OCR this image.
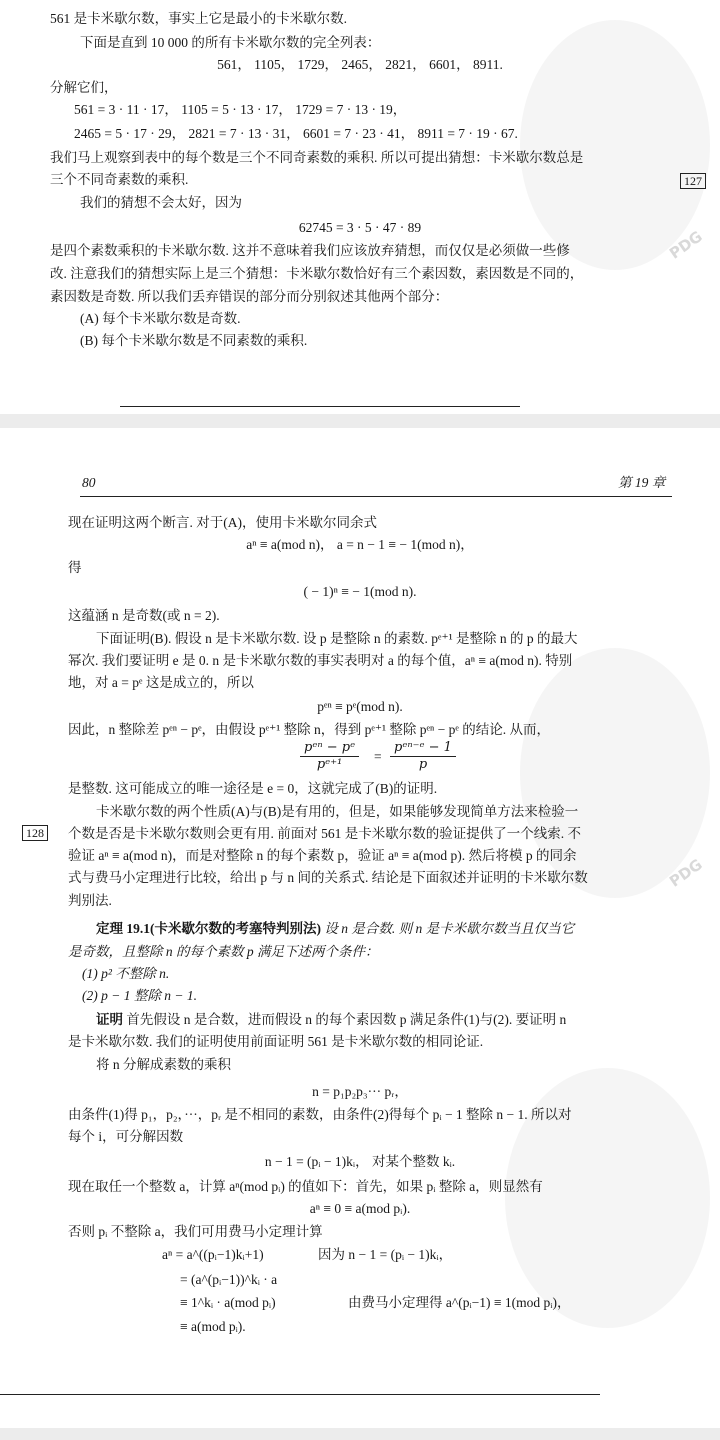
PDG
561 是卡米歇尔数，事实上它是最小的卡米歇尔数.
下面是直到 10 000 的所有卡米歇尔数的完全列表：
561， 1105， 1729， 2465， 2821， 6601， 8911.
分解它们，
561 = 3 · 11 · 17， 1105 = 5 · 13 · 17， 1729 = 7 · 13 · 19，
2465 = 5 · 17 · 29， 2821 = 7 · 13 · 31， 6601 = 7 · 23 · 41， 8911 = 7 · 19 · 67.
我们马上观察到表中的每个数是三个不同奇素数的乘积. 所以可提出猜想：卡米歇尔数总是
三个不同奇素数的乘积.	127
我们的猜想不会太好，因为
62745 = 3 · 5 · 47 · 89
是四个素数乘积的卡米歇尔数. 这并不意味着我们应该放弃猜想，而仅仅是必须做一些修
改. 注意我们的猜想实际上是三个猜想：卡米歇尔数恰好有三个素因数，素因数是不同的，
素因数是奇数. 所以我们丢弃错误的部分而分别叙述其他两个部分：
(A) 每个卡米歇尔数是奇数.
(B) 每个卡米歇尔数是不同素数的乘积.
PDG
80	第 19 章
现在证明这两个断言. 对于(A)，使用卡米歇尔同余式
aⁿ ≡ a(mod n)， a = n − 1 ≡ − 1(mod n)，
得
( − 1)ⁿ ≡ − 1(mod n).
这蕴涵 n 是奇数(或 n = 2).
下面证明(B). 假设 n 是卡米歇尔数. 设 p 是整除 n 的素数. pᵉ⁺¹ 是整除 n 的 p 的最大
幂次. 我们要证明 e 是 0. n 是卡米歇尔数的事实表明对 a 的每个值，aⁿ ≡ a(mod n). 特别
地，对 a = pᵉ 这是成立的，所以
pᵉⁿ ≡ pᵉ(mod n).
因此，n 整除差 pᵉⁿ − pᵉ，由假设 pᵉ⁺¹ 整除 n，得到 pᵉ⁺¹ 整除 pᵉⁿ − pᵉ 的结论. 从而，
pᵉⁿ − pᵉ
pᵉ⁺¹
=
pᵉⁿ⁻ᵉ − 1
p
是整数. 这可能成立的唯一途径是 e = 0，这就完成了(B)的证明.
卡米歇尔数的两个性质(A)与(B)是有用的，但是，如果能够发现简单方法来检验一
128 个数是否是卡米歇尔数则会更有用. 前面对 561 是卡米歇尔数的验证提供了一个线索. 不
验证 aⁿ ≡ a(mod n)，而是对整除 n 的每个素数 p，验证 aⁿ ≡ a(mod p). 然后将模 p 的同余
式与费马小定理进行比较，给出 p 与 n 间的关系式. 结论是下面叙述并证明的卡米歇尔数
判别法.
定理 19.1(卡米歇尔数的考塞特判别法) 设 n 是合数. 则 n 是卡米歇尔数当且仅当它
是奇数，且整除 n 的每个素数 p 满足下述两个条件：
(1) p² 不整除 n.
(2) p − 1 整除 n − 1.
证明 首先假设 n 是合数，进而假设 n 的每个素因数 p 满足条件(1)与(2). 要证明 n
是卡米歇尔数. 我们的证明使用前面证明 561 是卡米歇尔数的相同论证.
将 n 分解成素数的乘积
n = p₁p₂p₃··· pᵣ，
由条件(1)得 p₁，p₂，···，pᵣ 是不相同的素数，由条件(2)得每个 pᵢ − 1 整除 n − 1. 所以对
每个 i，可分解因数
n − 1 = (pᵢ − 1)kᵢ， 对某个整数 kᵢ.
现在取任一个整数 a，计算 aⁿ(mod pᵢ) 的值如下：首先，如果 pᵢ 整除 a，则显然有
aⁿ ≡ 0 ≡ a(mod pᵢ).
否则 pᵢ 不整除 a，我们可用费马小定理计算
aⁿ = a^((pᵢ−1)kᵢ+1)	因为 n − 1 = (pᵢ − 1)kᵢ，
= (a^(pᵢ−1))^kᵢ · a
≡ 1^kᵢ · a(mod pᵢ)	由费马小定理得 a^(pᵢ−1) ≡ 1(mod pᵢ)，
≡ a(mod pᵢ).
